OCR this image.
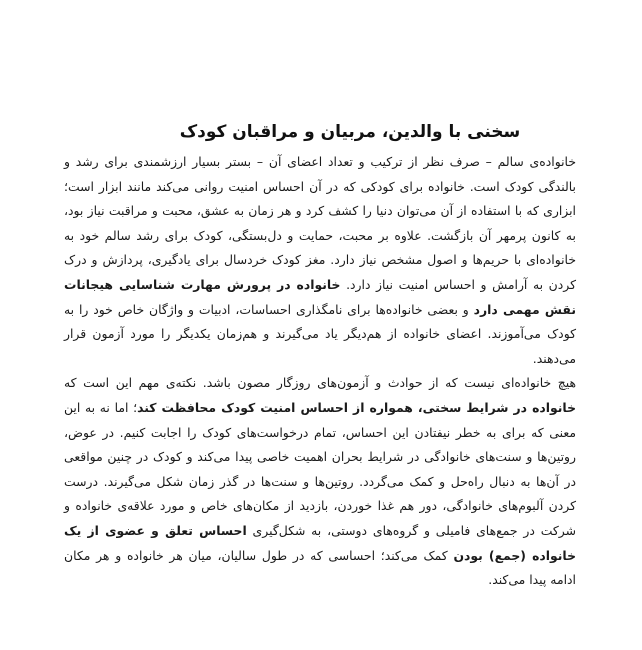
سخنی با والدین، مربیان و مراقبان کودک

خانواده‌ی سالم – صرف نظر از ترکیب و تعداد اعضای آن – بستر بسیار ارزشمندی برای رشد و بالندگی کودک است. خانواده برای کودکی که در آن احساس امنیت روانی می‌کند مانند ابزار است؛ ابزاری که با استفاده از آن می‌توان دنیا را کشف کرد و هر زمان به عشق، محبت و مراقبت نیاز بود، به کانون پرمهر آن بازگشت. علاوه بر محبت، حمایت و دل‌بستگی، کودک برای رشد سالم خود به خانواده‌ای با حریم‌ها و اصول مشخص نیاز دارد. مغز کودک خردسال برای یادگیری، پردازش و درک کردن به آرامش و احساس امنیت نیاز دارد. خانواده در پرورش مهارت شناسایی هیجانات نقش مهمی دارد و بعضی خانواده‌ها برای نامگذاری احساسات، ادبیات و واژگان خاص خود را به کودک می‌آموزند. اعضای خانواده از هم‌دیگر یاد می‌گیرند و هم‌زمان یکدیگر را مورد آزمون قرار می‌دهند.

هیچ خانواده‌ای نیست که از حوادث و آزمون‌های روزگار مصون باشد. نکته‌ی مهم این است که خانواده در شرایط سختی، همواره از احساس امنیت کودک محافظت کند؛ اما نه به این معنی که برای به خطر نیفتادن این احساس، تمام درخواست‌های کودک را اجابت کنیم. در عوض، روتین‌ها و سنت‌های خانوادگی در شرایط بحران اهمیت خاصی پیدا می‌کند و کودک در چنین مواقعی در آن‌ها به دنبال راه‌حل و کمک می‌گردد. روتین‌ها و سنت‌ها در گذر زمان شکل می‌گیرند. درست کردن آلبوم‌های خانوادگی، دور هم غذا خوردن، بازدید از مکان‌های خاص و مورد علاقه‌ی خانواده و شرکت در جمع‌های فامیلی و گروه‌های دوستی، به شکل‌گیری احساس تعلق و عضوی از یک خانواده (جمع) بودن کمک می‌کند؛ احساسی که در طول سالیان، میان هر خانواده و هر مکان ادامه پیدا می‌کند.
